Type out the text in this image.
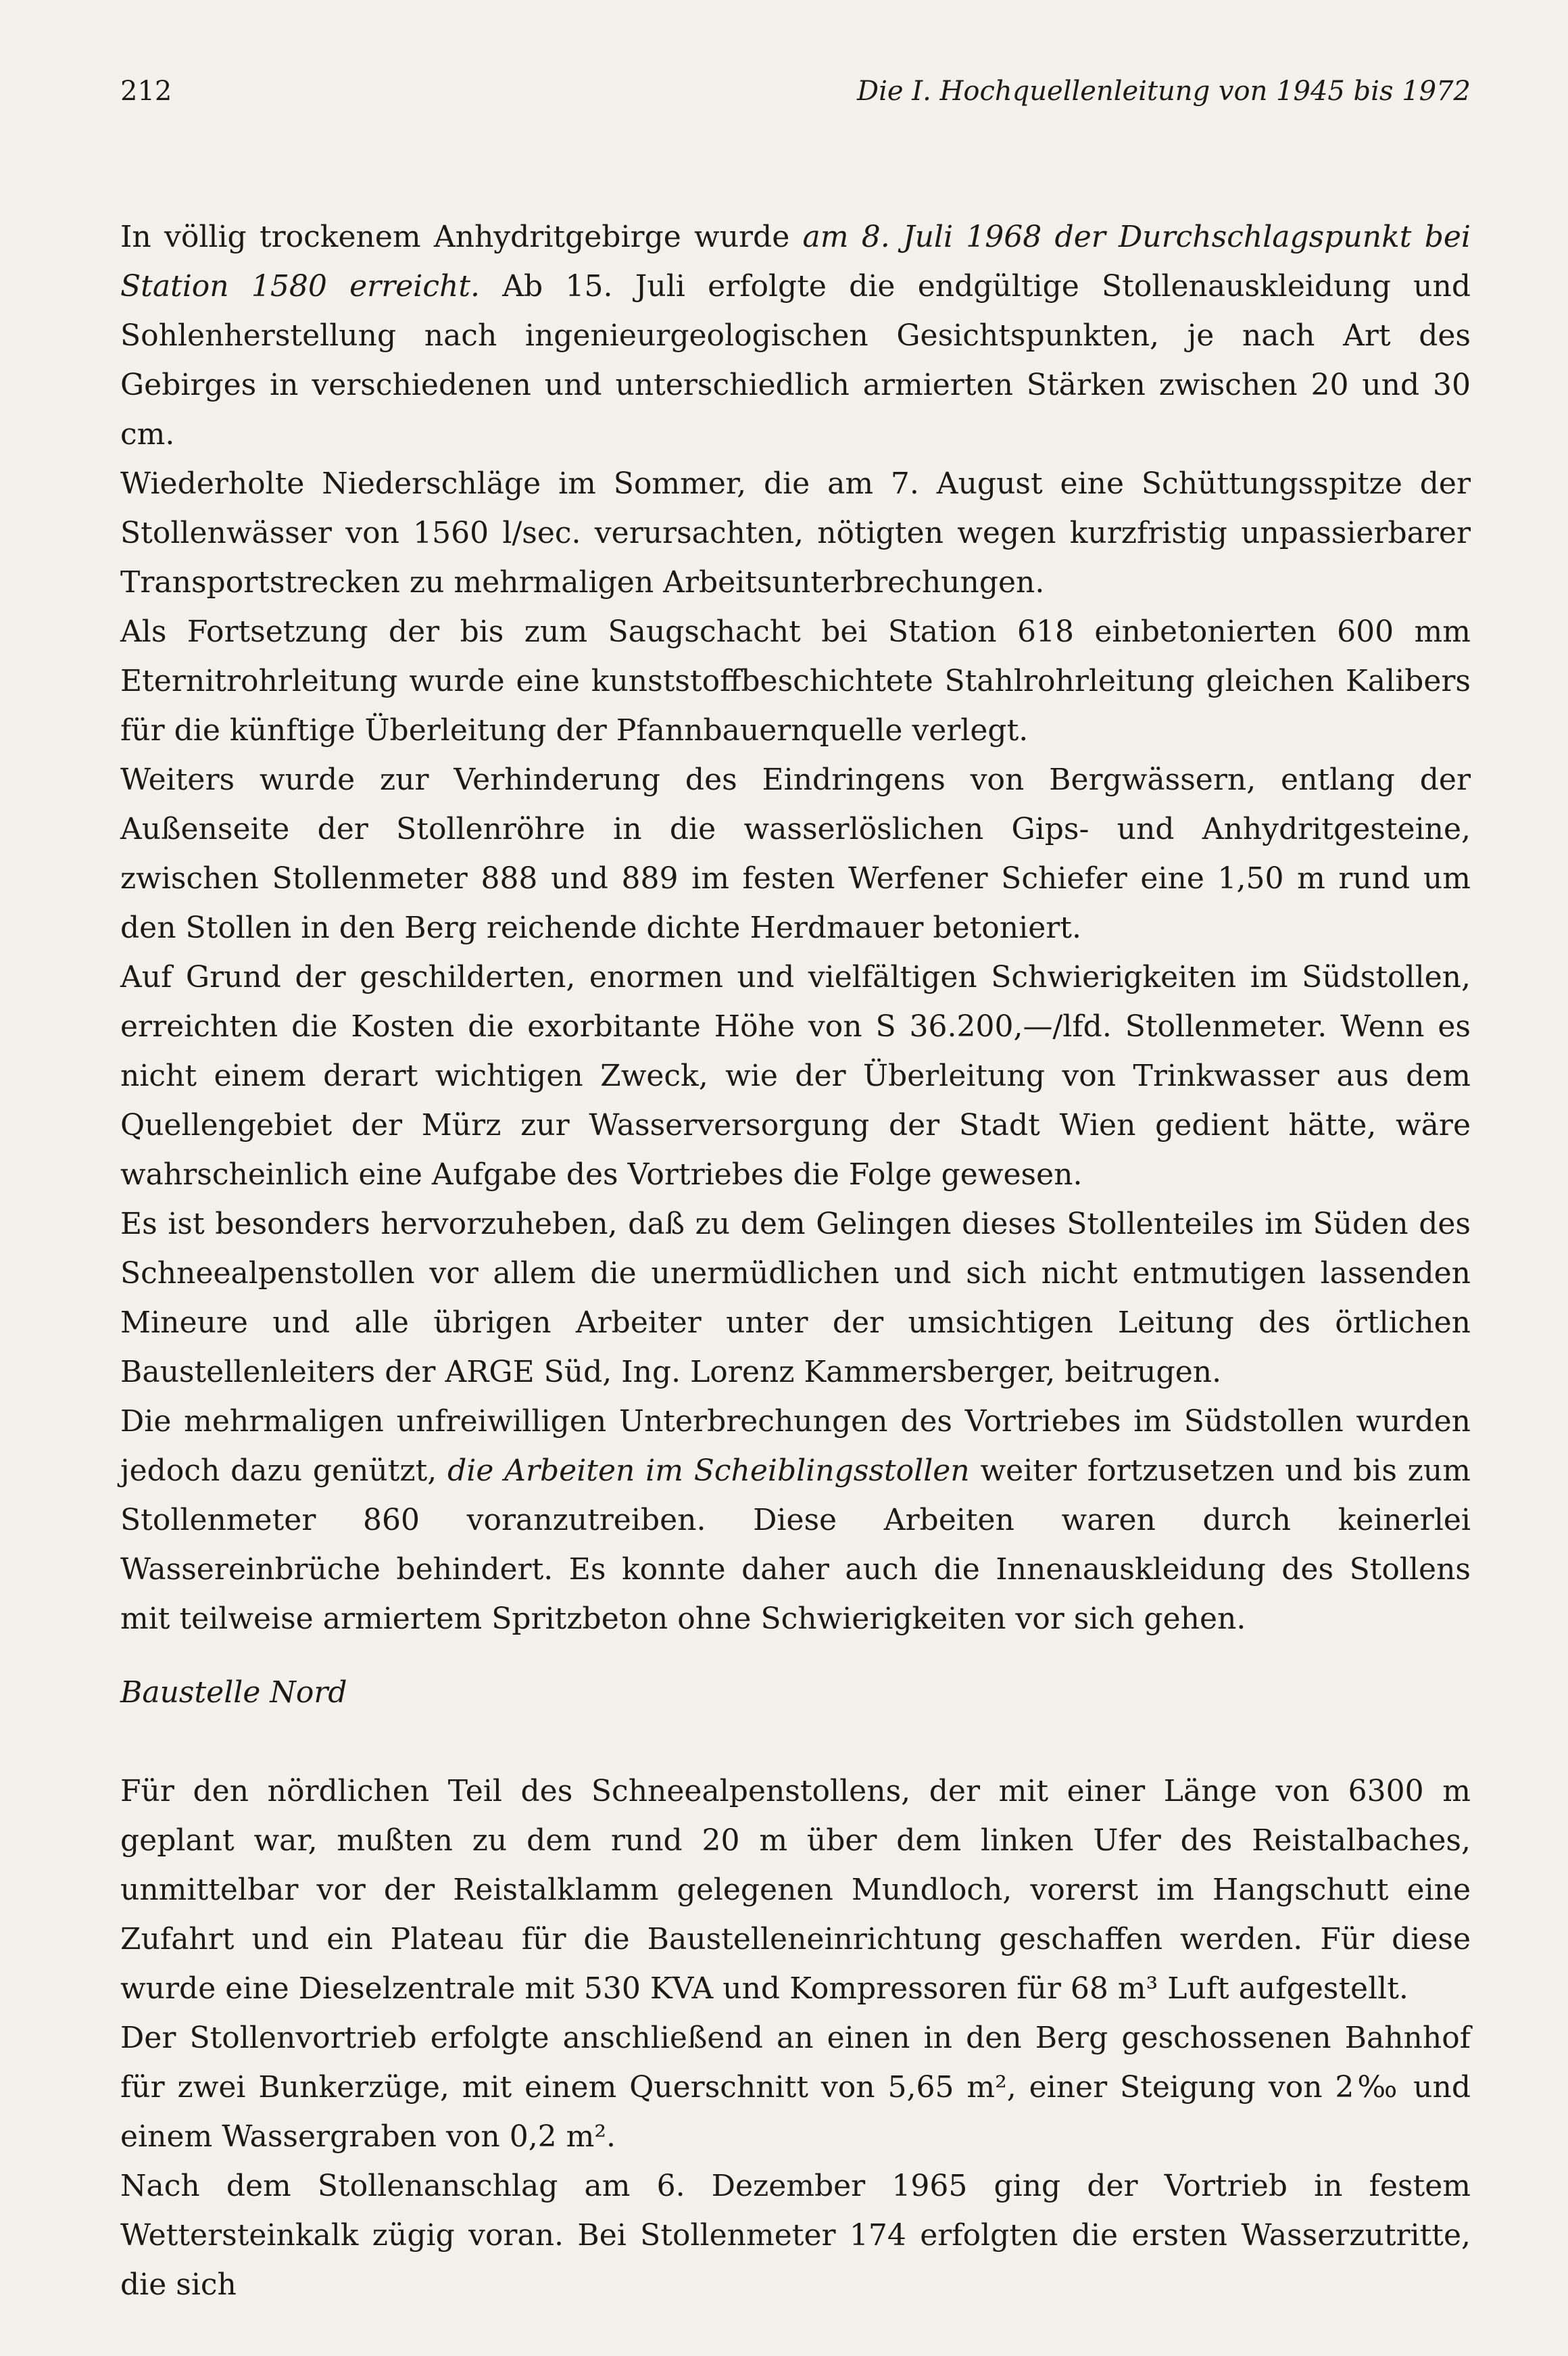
212	Die I. Hochquellenleitung von 1945 bis 1972

In völlig trockenem Anhydritgebirge wurde am 8. Juli 1968 der Durchschlagspunkt bei Station 1580 erreicht. Ab 15. Juli erfolgte die endgültige Stollenauskleidung und Sohlenherstellung nach ingenieurgeologischen Gesichtspunkten, je nach Art des Gebirges in verschiedenen und unterschiedlich armierten Stärken zwischen 20 und 30 cm.

Wiederholte Niederschläge im Sommer, die am 7. August eine Schüttungsspitze der Stollenwässer von 1560 l/sec. verursachten, nötigten wegen kurzfristig unpassierbarer Transportstrecken zu mehrmaligen Arbeitsunterbrechungen.

Als Fortsetzung der bis zum Saugschacht bei Station 618 einbetonierten 600 mm Eternitrohrleitung wurde eine kunststoffbeschichtete Stahlrohrleitung gleichen Kalibers für die künftige Überleitung der Pfannbauernquelle verlegt.

Weiters wurde zur Verhinderung des Eindringens von Bergwässern, entlang der Außenseite der Stollenröhre in die wasserlöslichen Gips- und Anhydritgesteine, zwischen Stollenmeter 888 und 889 im festen Werfener Schiefer eine 1,50 m rund um den Stollen in den Berg reichende dichte Herdmauer betoniert.

Auf Grund der geschilderten, enormen und vielfältigen Schwierigkeiten im Südstollen, erreichten die Kosten die exorbitante Höhe von S 36.200,—/lfd. Stollenmeter. Wenn es nicht einem derart wichtigen Zweck, wie der Überleitung von Trinkwasser aus dem Quellengebiet der Mürz zur Wasserversorgung der Stadt Wien gedient hätte, wäre wahrscheinlich eine Aufgabe des Vortriebes die Folge gewesen.

Es ist besonders hervorzuheben, daß zu dem Gelingen dieses Stollenteiles im Süden des Schneealpenstollen vor allem die unermüdlichen und sich nicht entmutigen lassenden Mineure und alle übrigen Arbeiter unter der umsichtigen Leitung des örtlichen Baustellenleiters der ARGE Süd, Ing. Lorenz Kammersberger, beitrugen.

Die mehrmaligen unfreiwilligen Unterbrechungen des Vortriebes im Südstollen wurden jedoch dazu genützt, die Arbeiten im Scheiblingsstollen weiter fortzusetzen und bis zum Stollenmeter 860 voranzutreiben. Diese Arbeiten waren durch keinerlei Wassereinbrüche behindert. Es konnte daher auch die Innenauskleidung des Stollens mit teilweise armiertem Spritzbeton ohne Schwierigkeiten vor sich gehen.

Baustelle Nord

Für den nördlichen Teil des Schneealpenstollens, der mit einer Länge von 6300 m geplant war, mußten zu dem rund 20 m über dem linken Ufer des Reistalbaches, unmittelbar vor der Reistalklamm gelegenen Mundloch, vorerst im Hangschutt eine Zufahrt und ein Plateau für die Baustelleneinrichtung geschaffen werden. Für diese wurde eine Dieselzentrale mit 530 KVA und Kompressoren für 68 m³ Luft aufgestellt.

Der Stollenvortrieb erfolgte anschließend an einen in den Berg geschossenen Bahnhof für zwei Bunkerzüge, mit einem Querschnitt von 5,65 m², einer Steigung von 2‰ und einem Wassergraben von 0,2 m².

Nach dem Stollenanschlag am 6. Dezember 1965 ging der Vortrieb in festem Wettersteinkalk zügig voran. Bei Stollenmeter 174 erfolgten die ersten Wasserzutritte, die sich
